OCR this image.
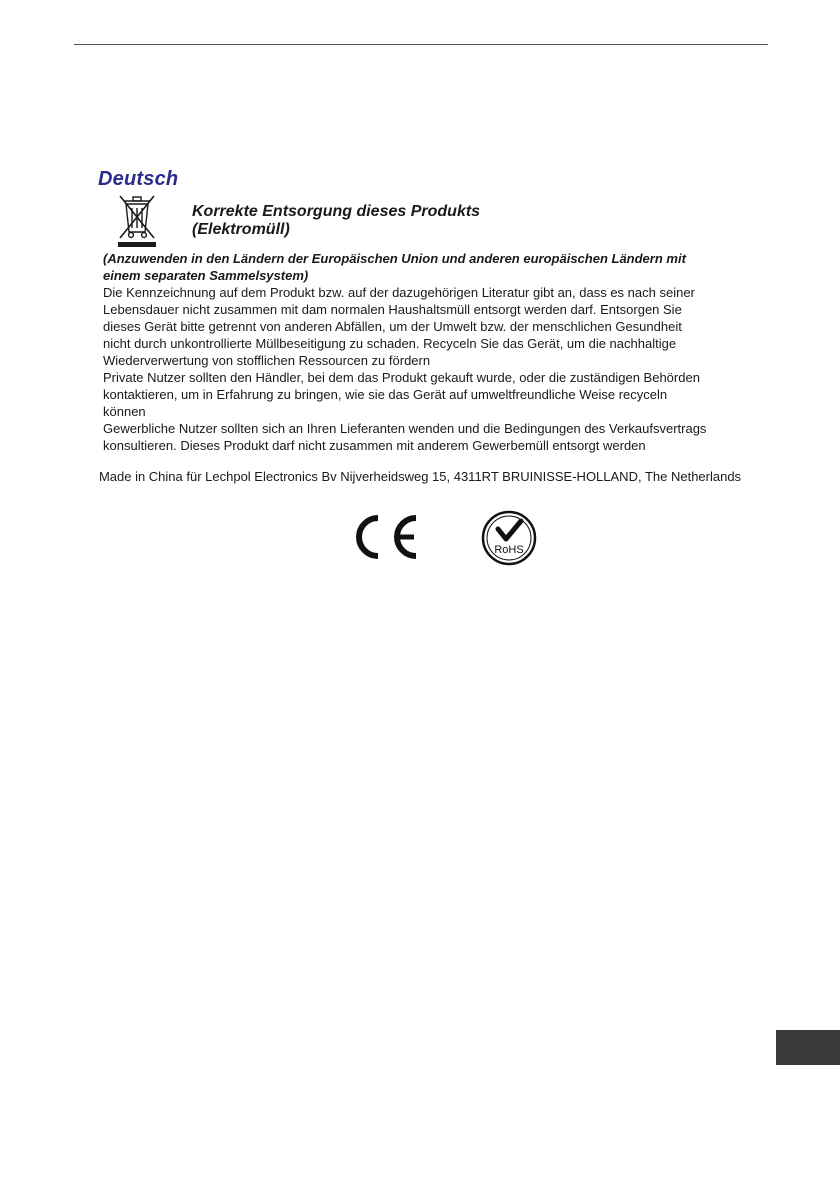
Deutsch
Korrekte Entsorgung dieses Produkts
(Elektromüll)
(Anzuwenden in den Ländern der Europäischen Union und anderen europäischen Ländern mit
einem separaten Sammelsystem)
Die Kennzeichnung auf dem Produkt bzw. auf der dazugehörigen Literatur gibt an, dass es nach seiner
Lebensdauer nicht zusammen mit dam normalen Haushaltsmüll entsorgt werden darf. Entsorgen Sie
dieses Gerät bitte getrennt von anderen Abfällen, um der Umwelt bzw. der menschlichen Gesundheit
nicht durch unkontrollierte Müllbeseitigung zu schaden. Recyceln Sie das Gerät, um die nachhaltige
Wiederverwertung von stofflichen Ressourcen zu fördern
Private Nutzer sollten den Händler, bei dem das Produkt gekauft wurde, oder die zuständigen Behörden
kontaktieren, um in Erfahrung zu bringen, wie sie das Gerät auf umweltfreundliche Weise recyceln
können
Gewerbliche Nutzer sollten sich an Ihren Lieferanten wenden und die Bedingungen des Verkaufsvertrags
konsultieren. Dieses Produkt darf nicht zusammen mit anderem Gewerbemüll entsorgt werden
Made in China für Lechpol Electronics Bv Nijverheidsweg 15, 4311RT BRUINISSE-HOLLAND, The Netherlands
RoHS
